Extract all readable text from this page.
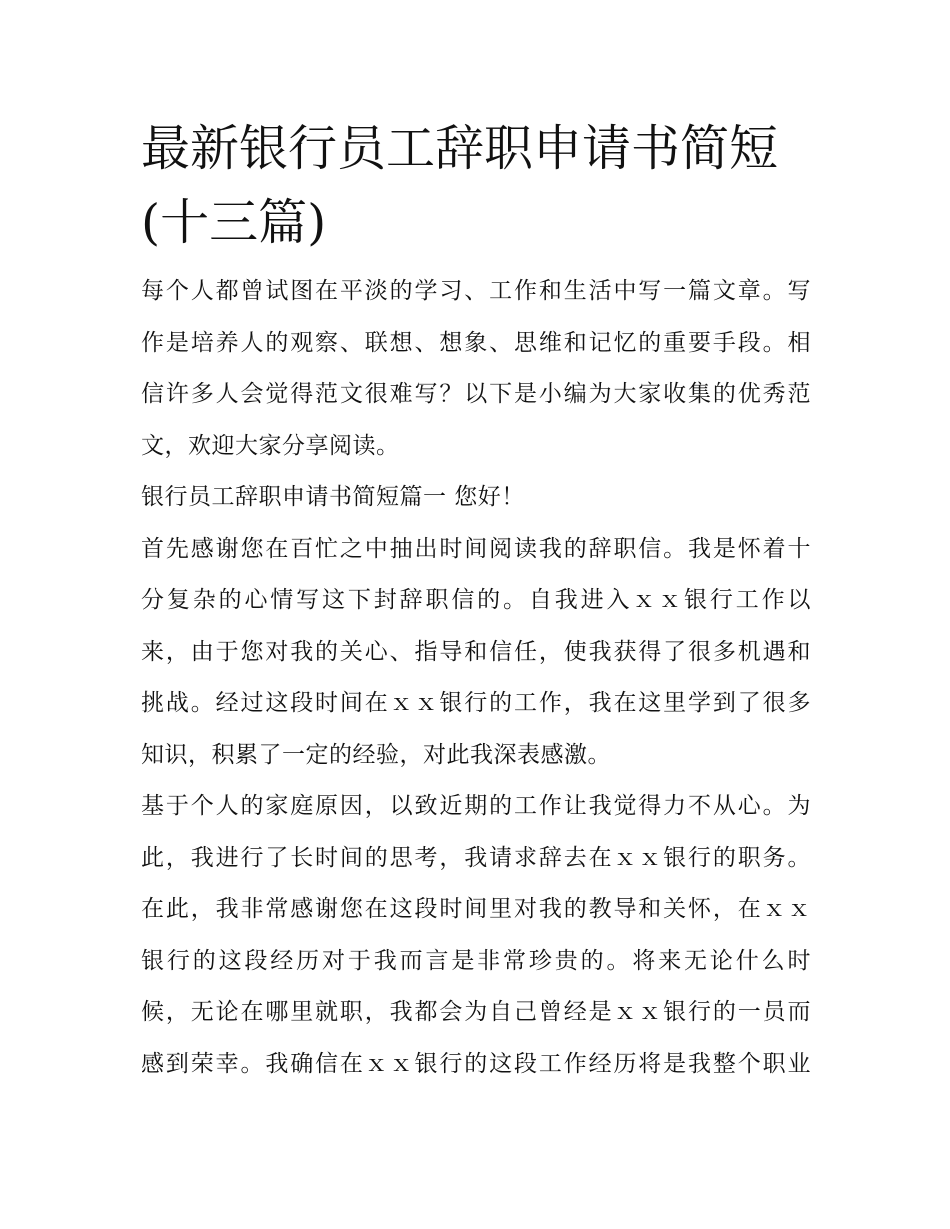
最新银行员工辞职申请书简短
(十三篇)

每个人都曾试图在平淡的学习、工作和生活中写一篇文章。写
作是培养人的观察、联想、想象、思维和记忆的重要手段。相
信许多人会觉得范文很难写？以下是小编为大家收集的优秀范
文，欢迎大家分享阅读。

银行员工辞职申请书简短篇一 您好！

首先感谢您在百忙之中抽出时间阅读我的辞职信。我是怀着十
分复杂的心情写这下封辞职信的。自我进入ｘｘ银行工作以
来，由于您对我的关心、指导和信任，使我获得了很多机遇和
挑战。经过这段时间在ｘｘ银行的工作，我在这里学到了很多
知识，积累了一定的经验，对此我深表感激。

基于个人的家庭原因，以致近期的工作让我觉得力不从心。为
此，我进行了长时间的思考，我请求辞去在ｘｘ银行的职务。
在此，我非常感谢您在这段时间里对我的教导和关怀，在ｘｘ
银行的这段经历对于我而言是非常珍贵的。将来无论什么时
候，无论在哪里就职，我都会为自己曾经是ｘｘ银行的一员而
感到荣幸。我确信在ｘｘ银行的这段工作经历将是我整个职业
